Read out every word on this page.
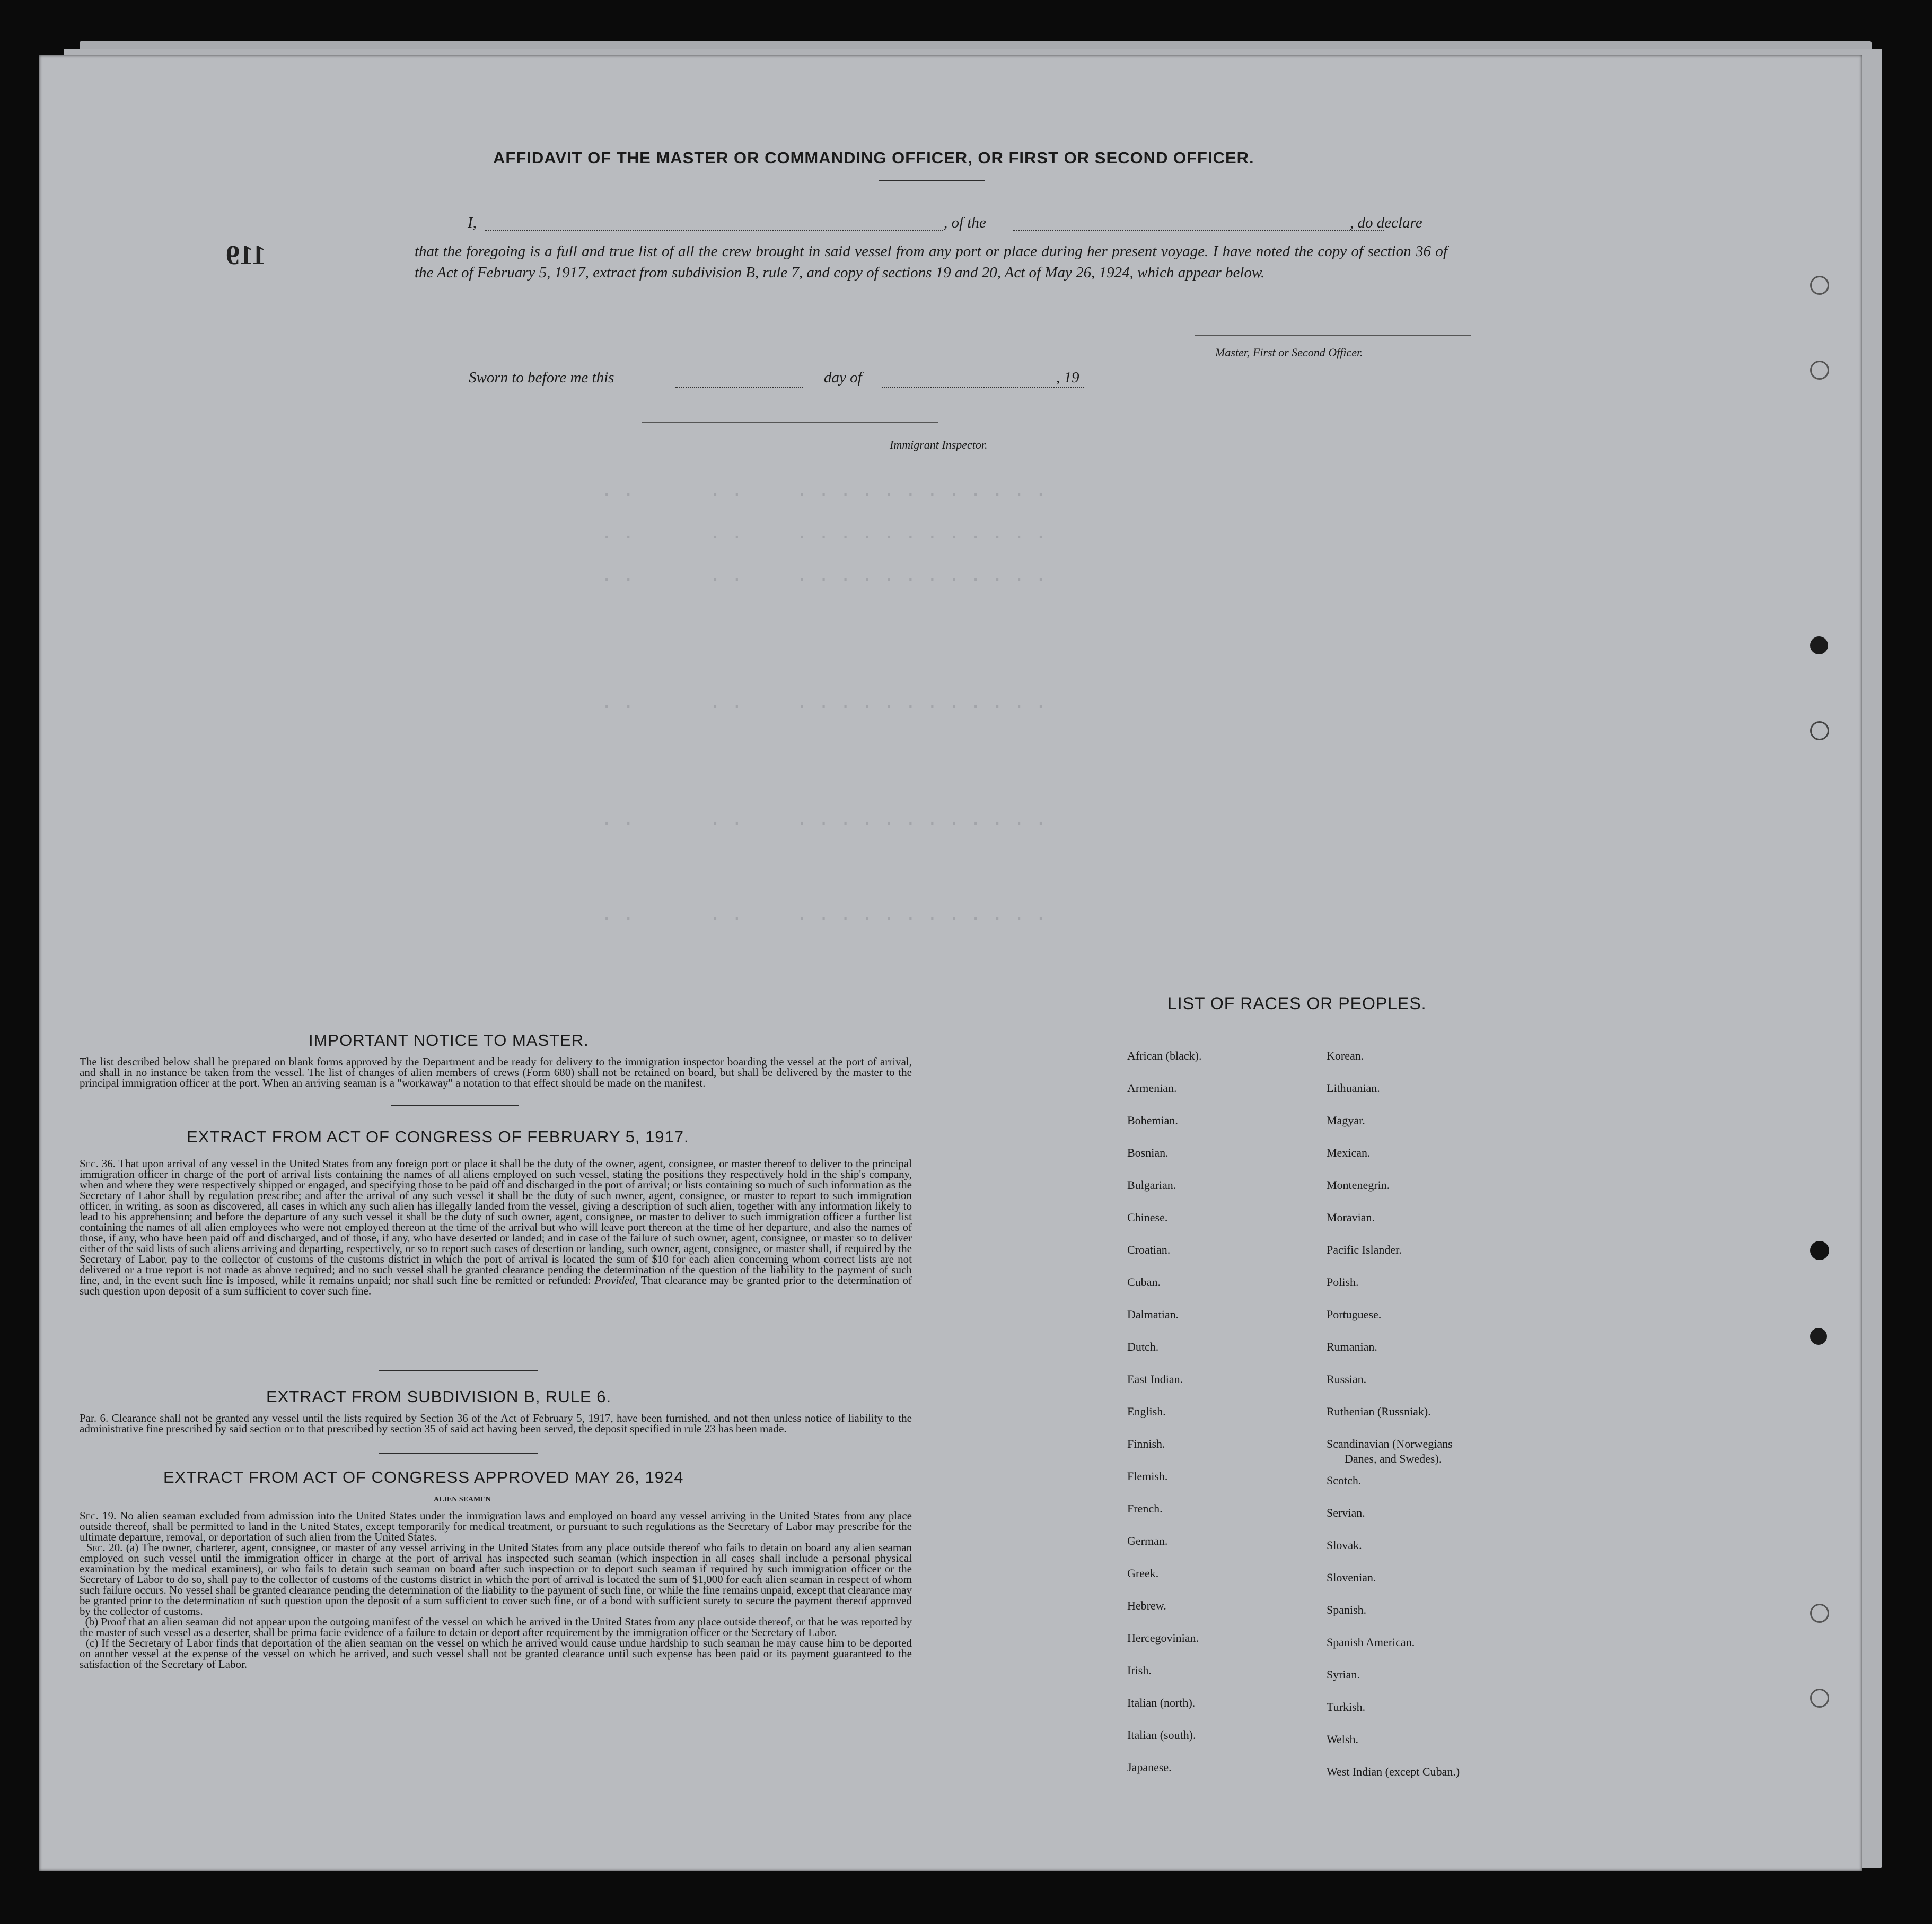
. .       . .     . . . . . . . . . . . .
. .       . .     . . . . . . . . . . . .
. .       . .     . . . . . . . . . . . .
. .       . .     . . . . . . . . . . . .
. .       . .     . . . . . . . . . . . .
. .       . .     . . . . . . . . . . . .
AFFIDAVIT OF THE MASTER OR COMMANDING OFFICER, OR FIRST OR SECOND OFFICER.
119
I,	, of the	, do declare
that the foregoing is a full and true list of all the crew brought in said vessel from any port or place during her present voyage. I have noted the copy of section 36 of the Act of February 5, 1917, extract from subdivision B, rule 7, and copy of sections 19 and 20, Act of May 26, 1924, which appear below.
Master, First or Second Officer.
Sworn to before me this	day of	, 19
Immigrant Inspector.
IMPORTANT NOTICE TO MASTER.
The list described below shall be prepared on blank forms approved by the Department and be ready for delivery to the immigration inspector boarding the vessel at the port of arrival, and shall in no instance be taken from the vessel. The list of changes of alien members of crews (Form 680) shall not be retained on board, but shall be delivered by the master to the principal immigration officer at the port. When an arriving seaman is a "workaway" a notation to that effect should be made on the manifest.
EXTRACT FROM ACT OF CONGRESS OF FEBRUARY 5, 1917.
Sec. 36. That upon arrival of any vessel in the United States from any foreign port or place it shall be the duty of the owner, agent, consignee, or master thereof to deliver to the principal immigration officer in charge of the port of arrival lists containing the names of all aliens employed on such vessel, stating the positions they respectively hold in the ship's company, when and where they were respectively shipped or engaged, and specifying those to be paid off and discharged in the port of arrival; or lists containing so much of such information as the Secretary of Labor shall by regulation prescribe; and after the arrival of any such vessel it shall be the duty of such owner, agent, consignee, or master to report to such immigration officer, in writing, as soon as discovered, all cases in which any such alien has illegally landed from the vessel, giving a description of such alien, together with any information likely to lead to his apprehension; and before the departure of any such vessel it shall be the duty of such owner, agent, consignee, or master to deliver to such immigration officer a further list containing the names of all alien employees who were not employed thereon at the time of the arrival but who will leave port thereon at the time of her departure, and also the names of those, if any, who have been paid off and discharged, and of those, if any, who have deserted or landed; and in case of the failure of such owner, agent, consignee, or master so to deliver either of the said lists of such aliens arriving and departing, respectively, or so to report such cases of desertion or landing, such owner, agent, consignee, or master shall, if required by the Secretary of Labor, pay to the collector of customs of the customs district in which the port of arrival is located the sum of $10 for each alien concerning whom correct lists are not delivered or a true report is not made as above required; and no such vessel shall be granted clearance pending the determination of the question of the liability to the payment of such fine, and, in the event such fine is imposed, while it remains unpaid; nor shall such fine be remitted or refunded: Provided, That clearance may be granted prior to the determination of such question upon deposit of a sum sufficient to cover such fine.
EXTRACT FROM SUBDIVISION B, RULE 6.
Par. 6. Clearance shall not be granted any vessel until the lists required by Section 36 of the Act of February 5, 1917, have been furnished, and not then unless notice of liability to the administrative fine prescribed by said section or to that prescribed by section 35 of said act having been served, the deposit specified in rule 23 has been made.
EXTRACT FROM ACT OF CONGRESS APPROVED MAY 26, 1924
ALIEN SEAMEN
Sec. 19. No alien seaman excluded from admission into the United States under the immigration laws and employed on board any vessel arriving in the United States from any place outside thereof, shall be permitted to land in the United States, except temporarily for medical treatment, or pursuant to such regulations as the Secretary of Labor may prescribe for the ultimate departure, removal, or deportation of such alien from the United States.
Sec. 20. (a) The owner, charterer, agent, consignee, or master of any vessel arriving in the United States from any place outside thereof who fails to detain on board any alien seaman employed on such vessel until the immigration officer in charge at the port of arrival has inspected such seaman (which inspection in all cases shall include a personal physical examination by the medical examiners), or who fails to detain such seaman on board after such inspection or to deport such seaman if required by such immigration officer or the Secretary of Labor to do so, shall pay to the collector of customs of the customs district in which the port of arrival is located the sum of $1,000 for each alien seaman in respect of whom such failure occurs. No vessel shall be granted clearance pending the determination of the liability to the payment of such fine, or while the fine remains unpaid, except that clearance may be granted prior to the determination of such question upon the deposit of a sum sufficient to cover such fine, or of a bond with sufficient surety to secure the payment thereof approved by the collector of customs.
(b) Proof that an alien seaman did not appear upon the outgoing manifest of the vessel on which he arrived in the United States from any place outside thereof, or that he was reported by the master of such vessel as a deserter, shall be prima facie evidence of a failure to detain or deport after requirement by the immigration officer or the Secretary of Labor.
(c) If the Secretary of Labor finds that deportation of the alien seaman on the vessel on which he arrived would cause undue hardship to such seaman he may cause him to be deported on another vessel at the expense of the vessel on which he arrived, and such vessel shall not be granted clearance until such expense has been paid or its payment guaranteed to the satisfaction of the Secretary of Labor.
LIST OF RACES OR PEOPLES.
African (black).
Armenian.
Bohemian.
Bosnian.
Bulgarian.
Chinese.
Croatian.
Cuban.
Dalmatian.
Dutch.
East Indian.
English.
Finnish.
Flemish.
French.
German.
Greek.
Hebrew.
Hercegovinian.
Irish.
Italian (north).
Italian (south).
Japanese.
Korean.
Lithuanian.
Magyar.
Mexican.
Montenegrin.
Moravian.
Pacific Islander.
Polish.
Portuguese.
Rumanian.
Russian.
Ruthenian (Russniak).
Scandinavian (Norwegians
Danes, and Swedes).
Scotch.
Servian.
Slovak.
Slovenian.
Spanish.
Spanish American.
Syrian.
Turkish.
Welsh.
West Indian (except Cuban.)
